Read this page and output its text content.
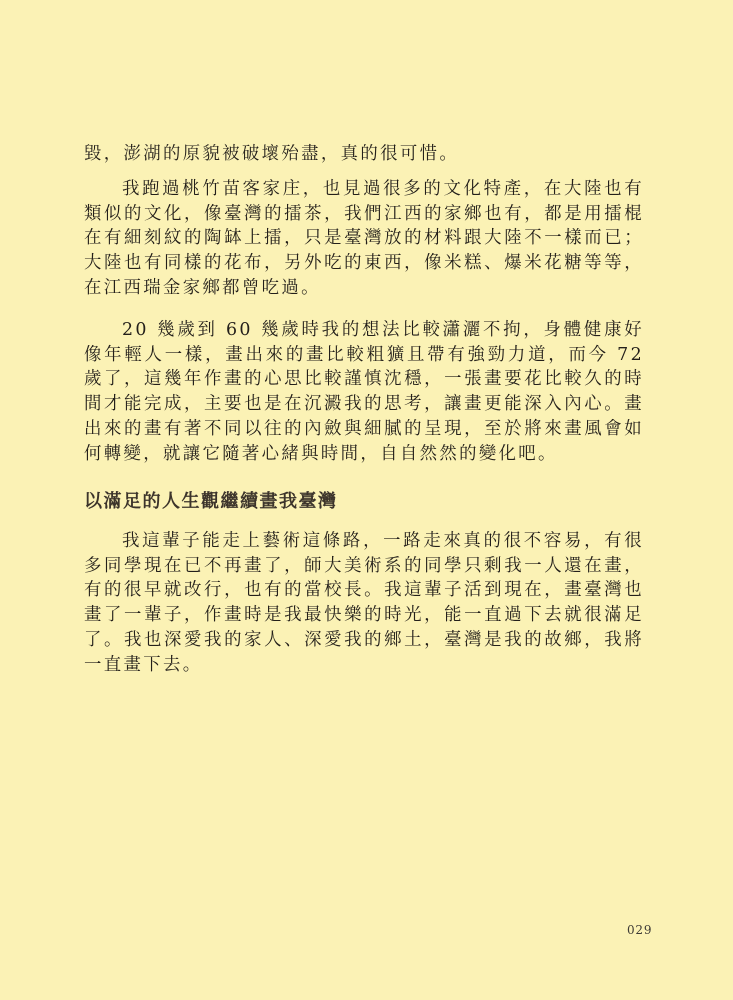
毀，澎湖的原貌被破壞殆盡，真的很可惜。

我跑過桃竹苗客家庄，也見過很多的文化特產，在大陸也有類似的文化，像臺灣的擂茶，我們江西的家鄉也有，都是用擂棍在有細刻紋的陶缽上擂，只是臺灣放的材料跟大陸不一樣而已；大陸也有同樣的花布，另外吃的東西，像米糕、爆米花糖等等，在江西瑞金家鄉都曾吃過。

20 幾歲到 60 幾歲時我的想法比較瀟灑不拘，身體健康好像年輕人一樣，畫出來的畫比較粗獷且帶有強勁力道，而今 72 歲了，這幾年作畫的心思比較謹慎沈穩，一張畫要花比較久的時間才能完成，主要也是在沉澱我的思考，讓畫更能深入內心。畫出來的畫有著不同以往的內斂與細膩的呈現，至於將來畫風會如何轉變，就讓它隨著心緒與時間，自自然然的變化吧。

以滿足的人生觀繼續畫我臺灣

我這輩子能走上藝術這條路，一路走來真的很不容易，有很多同學現在已不再畫了，師大美術系的同學只剩我一人還在畫，有的很早就改行，也有的當校長。我這輩子活到現在，畫臺灣也畫了一輩子，作畫時是我最快樂的時光，能一直過下去就很滿足了。我也深愛我的家人、深愛我的鄉土，臺灣是我的故鄉，我將一直畫下去。

029
